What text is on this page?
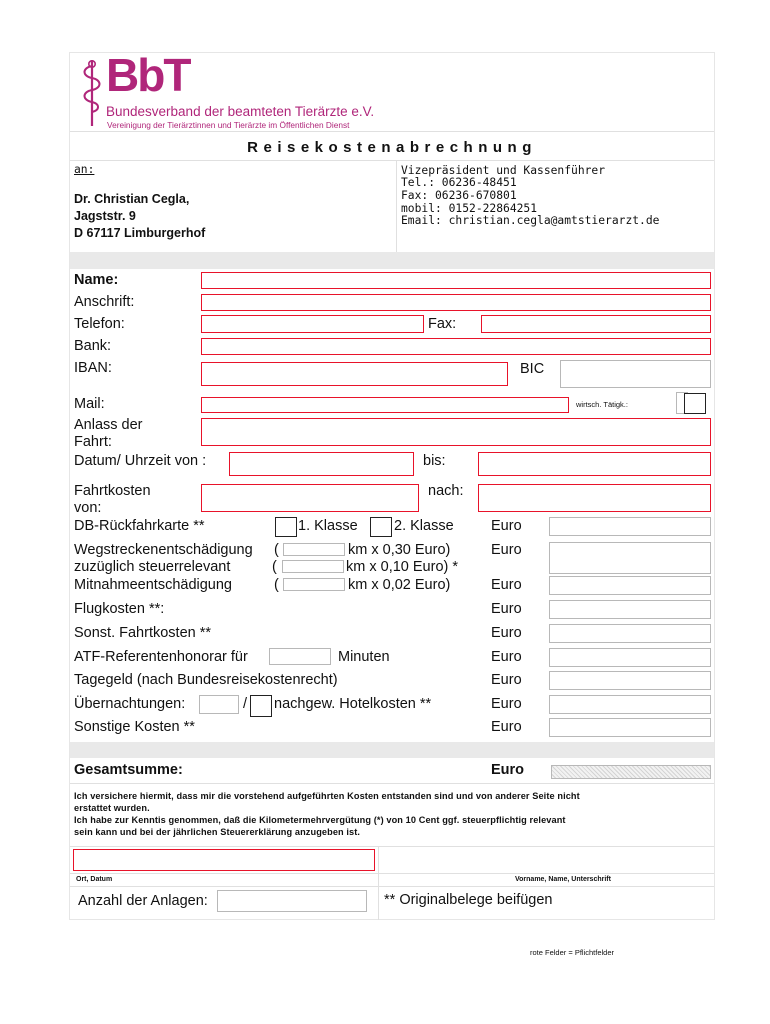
BbT
Bundesverband der beamteten Tierärzte e.V.
Vereinigung der Tierärztinnen und Tierärzte im Öffentlichen Dienst
Reisekostenabrechnung
an:
Dr. Christian Cegla,
Jagststr. 9
D 67117 Limburgerhof
Vizepräsident und Kassenführer
Tel.: 06236-48451
Fax: 06236-670801
mobil: 0152-22864251
Email: christian.cegla@amtstierarzt.de
Name:
Anschrift:
Telefon:	Fax:
Bank:
IBAN:	BIC
Mail:	wirtsch. Tätigk.:
Anlass der
Fahrt:
Datum/ Uhrzeit von :	bis:
Fahrtkosten
von:
nach:
DB-Rückfahrkarte **	1. Klasse	2. Klasse	Euro
Wegstreckenentschädigung (	km x 0,30 Euro)	Euro
zuzüglich steuerrelevant	(	km x 0,10 Euro) *
Mitnahmeentschädigung	(	km x 0,02 Euro)	Euro
Flugkosten **:	Euro
Sonst. Fahrtkosten **	Euro
ATF-Referentenhonorar für	Minuten	Euro
Tagegeld (nach Bundesreisekostenrecht)	Euro
Übernachtungen:	/ nachgew. Hotelkosten **	Euro
Sonstige Kosten **	Euro
Gesamtsumme:	Euro
Ich versichere hiermit, dass mir die vorstehend aufgeführten Kosten entstanden sind und von anderer Seite nicht
erstattet wurden.
Ich habe zur Kenntis genommen, daß die Kilometermehrvergütung (*) von 10 Cent ggf. steuerpflichtig relevant
sein kann und bei der jährlichen Steuererklärung anzugeben ist.
Ort, Datum	Vorname, Name, Unterschrift
Anzahl der Anlagen:	** Originalbelege beifügen
rote Felder = Pflichtfelder
